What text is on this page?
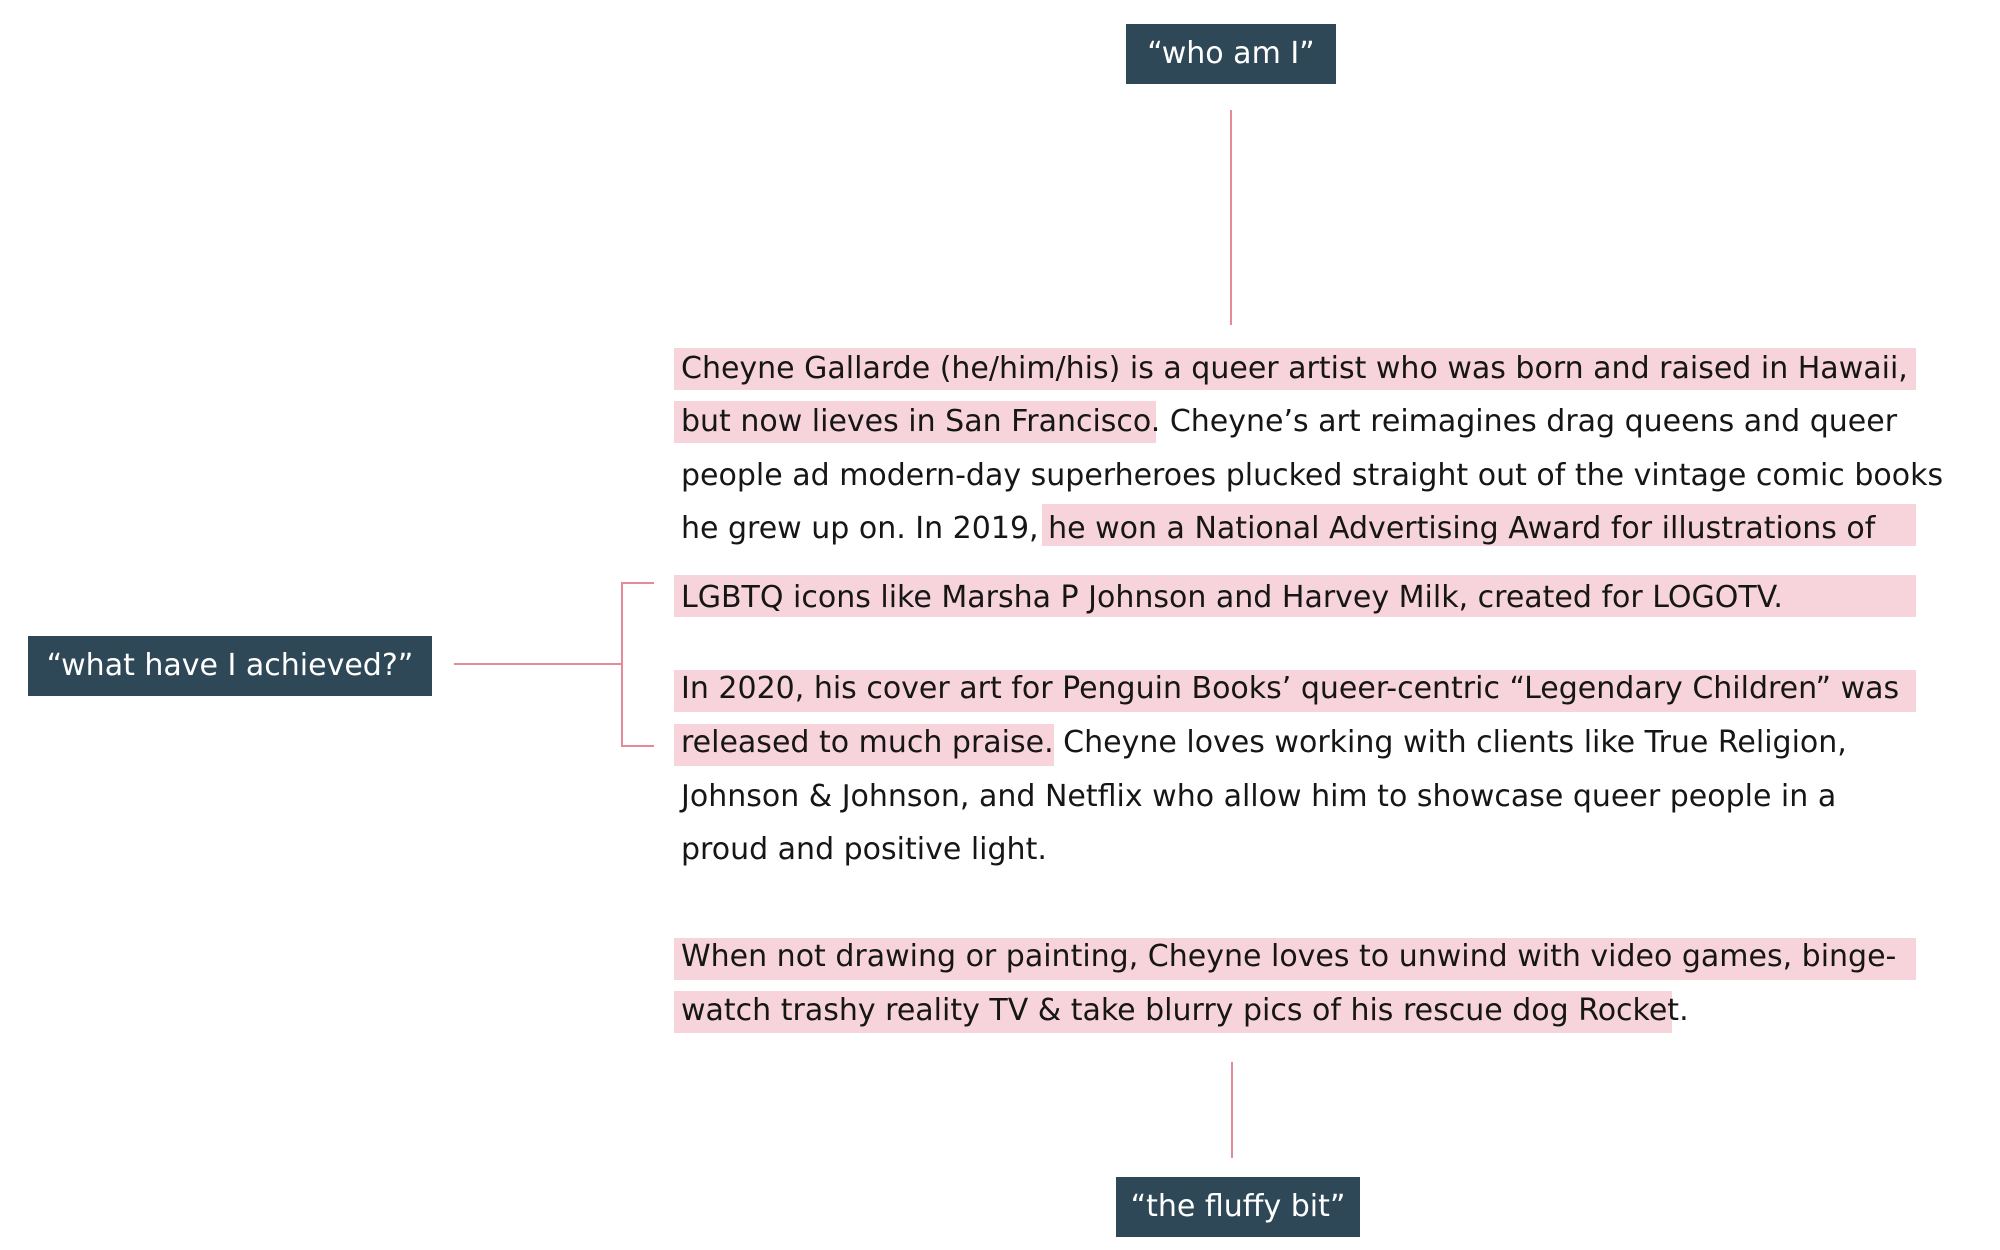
“who am I”
“what have I achieved?”
“the fluffy bit”
Cheyne Gallarde (he/him/his) is a queer artist who was born and raised in Hawaii,
but now lieves in San Francisco. Cheyne’s art reimagines drag queens and queer
people ad modern-day superheroes plucked straight out of the vintage comic books
he grew up on. In 2019, he won a National Advertising Award for illustrations of
LGBTQ icons like Marsha P Johnson and Harvey Milk, created for LOGOTV.
In 2020, his cover art for Penguin Books’ queer-centric “Legendary Children” was
released to much praise. Cheyne loves working with clients like True Religion,
Johnson & Johnson, and Netflix who allow him to showcase queer people in a
proud and positive light.
When not drawing or painting, Cheyne loves to unwind with video games, binge-
watch trashy reality TV & take blurry pics of his rescue dog Rocket.
